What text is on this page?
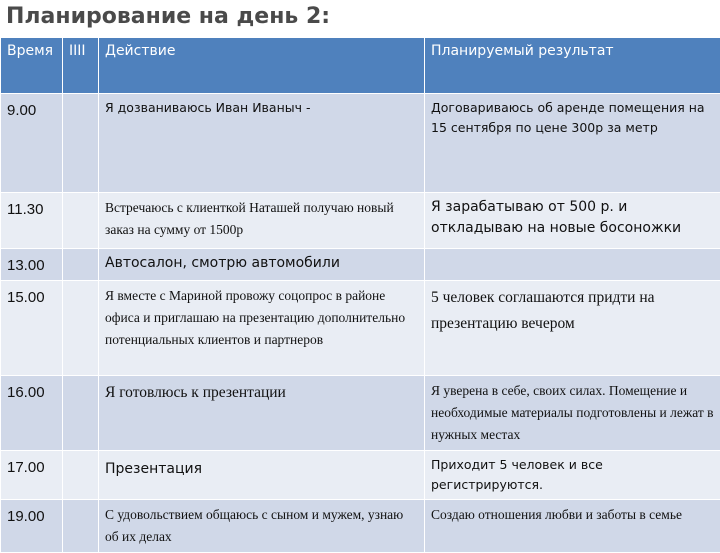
Планирование на день 2:
Время	IIII	Действие	Планируемый результат
9.00		Я дозваниваюсь Иван Иваныч -	Договариваюсь об аренде помещения на 15 сентября по цене 300р за метр
11.30		Встречаюсь с клиенткой Наташей получаю новый заказ на сумму от 1500р	Я зарабатываю от 500 р. и откладываю на новые босоножки
13.00		Автосалон, смотрю автомобили	
15.00		Я вместе с Мариной провожу соцопрос в районе офиса и приглашаю на презентацию дополнительно потенциальных клиентов и партнеров	5 человек соглашаются придти на презентацию вечером
16.00		Я готовлюсь к презентации	Я уверена в себе, своих силах. Помещение и необходимые материалы подготовлены и лежат в нужных местах
17.00		Презентация	Приходит 5 человек и все регистрируются.
19.00		С удовольствием общаюсь с сыном и мужем, узнаю об их делах	Создаю отношения любви и заботы в семье
